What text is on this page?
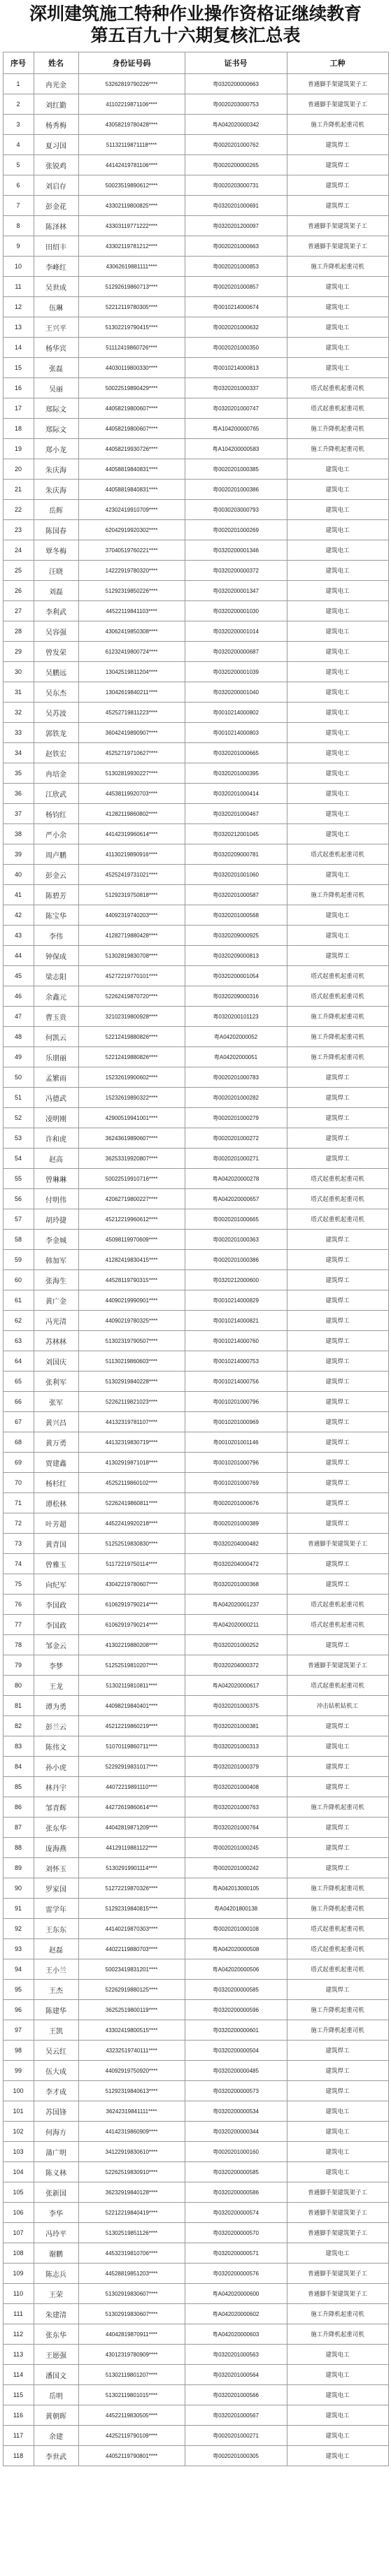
深圳建筑施工特种作业操作资格证继续教育
第五百九十六期复核汇总表
序号	姓名	身份证号码	证书号	工种
1	冉光金	53262819790226****	粤0320200000663	普通脚手架建筑架子工
2	刘红勤	41102219871106****	粤0020203000753	普通脚手架建筑架子工
3	杨秀梅	43058219780428****	粤A042020000342	施工升降机起重司机
4	夏习国	51132119871118****	粤0020201000762	建筑焊工
5	张锐鸡	44142419781106****	粤0020200000265	建筑焊工
6	刘启存	50023519890612****	粤0020203000731	建筑焊工
7	彭金花	43302119800825****	粤0320201000691	建筑焊工
8	陈泽林	43303119771222****	粤0320201200097	普通脚手架建筑架子工
9	田绍丰	43302119781212****	粤0020201000663	普通脚手架建筑架子工
10	李峰红	43062619881111****	粤0020201000853	施工升降机起重司机
11	吴世成	51292619860713****	粤0020201000857	建筑电工
12	伍琳	52212119780305****	粤0010214000674	建筑电工
13	王兴平	51302219790415****	粤0020201000632	建筑电工
14	杨华宾	51112419860726****	粤0020201000350	建筑电工
15	张磊	44030119800330****	粤0010214000813	建筑电工
16	吴丽	50022519890429****	粤0320201000337	塔式起重机起重司机
17	郑际文	44058219800607****	粤0320201000747	塔式起重机起重司机
18	郑际文	44058219800607****	粤A104200000765	施工升降机起重司机
19	郑小龙	44058219930726****	粤A104200000583	施工升降机起重司机
20	朱庆海	44058819840831****	粤0020201000385	建筑电工
21	朱庆海	44058819840831****	粤0020201000386	建筑电工
22	岳辉	42302419910709****	粤0030203000793	建筑电工
23	陈国春	62042919920302****	粤0020201000269	建筑电工
24	覃冬梅	37040519760221****	粤0320200001346	建筑电工
25	汪晓	14222919780320****	粤0320200000372	建筑电工
26	刘磊	51292319850226****	粤0320200001347	建筑电工
27	李利武	44522119841103****	粤0320200001030	建筑电工
28	吴容强	43062419850308****	粤0320200001014	建筑电工
29	曾发荣	61232419800724****	粤0320200000687	建筑电工
30	吴鹏远	13042519811204****	粤0320200001039	建筑电工
31	吴东杰	13042619840211****	粤0320200001040	建筑电工
32	吴苏波	45252719811223****	粤0010214000802	建筑电工
33	郭铁龙	36042419890907****	粤0010214000803	建筑电工
34	赵铁宏	45252719710627****	粤0320201000665	建筑电工
35	冉培金	51302819930227****	粤0320201000395	建筑电工
36	江欣武	44538119920703****	粤0320201000414	建筑电工
37	杨钧红	41282119860802****	粤0320201000467	建筑电工
38	严小余	44142319960614****	粤0320212001045	建筑电工
39	周卢鹏	41130219890916****	粤0320209000781	塔式起重机起重司机
40	彭金云	45252419731021****	粤0320201001060	建筑电工
41	陈碧芳	51292319750818****	粤0320201000587	施工升降机起重司机
42	陈宝华	44092319740203****	粤0320201000568	建筑电工
43	李伟	41282719880428****	粤0320209000925	建筑电工
44	钟保成	51302819830708****	粤0320209000813	建筑焊工
45	梁志阳	45272219770101****	粤0320200001054	塔式起重机起重司机
46	余鑫元	52262419870720****	粤0320209000316	塔式起重机起重司机
47	曹玉贵	32102319800928****	粤0320200101123	施工升降机起重司机
48	何凯云	52212419880826****	粤A04202000052	施工升降机起重司机
49	乐朋丽	52212419880826****	粤A04202000051	施工升降机起重司机
50	孟繁雨	15232619900602****	粤0020201000783	建筑焊工
51	冯德武	15232619890322****	粤0020201000282	建筑焊工
52	凌明刚	42900519941001****	粤0020201000279	建筑焊工
53	许和虎	36243619890607****	粤0020201000272	建筑焊工
54	赵高	36253319920807****	粤0020201000271	建筑焊工
55	曾琳琳	50022519910716****	粤A042020000278	塔式起重机起重司机
56	付明伟	42062719800227****	粤A042020000657	塔式起重机起重司机
57	胡玲捷	45212219960612****	粤0020201000665	塔式起重机起重司机
58	李金城	45098119970609****	粤0020201000363	建筑焊工
59	韩加军	41282419830415****	粤0020201000386	建筑焊工
60	张海生	44528119790315****	粤0320212000600	建筑焊工
61	黄广金	44090219990901****	粤0010214000829	建筑焊工
62	冯光清	44090219780325****	粤0010214000821	建筑焊工
63	苏林林	51302319790507****	粤0010214000760	建筑焊工
64	刘国庆	51130219860603****	粤0010214000753	建筑焊工
65	张利军	51302919840228****	粤0010214000756	建筑焊工
66	张军	52262119821023****	粤0010201000796	建筑焊工
67	黄兴昌	44132319781107****	粤0010201000969	建筑焊工
68	黄万勇	44132319830719****	粤0010201001146	建筑焊工
69	贾建鑫	41302919871018****	粤0010201000796	建筑焊工
70	杨杉红	45252119860102****	粤0010201000769	建筑焊工
71	谭松林	52262419860811****	粤0020201000676	建筑焊工
72	叶芳超	44522419920218****	粤0020201000389	建筑焊工
73	黄青国	51252519830830****	粤0320204000482	普通脚手架建筑架子工
74	曾雅玉	51172219750114****	粤0320204000472	建筑焊工
75	向纪军	43042219780607****	粤0320201000368	建筑焊工
76	李国政	61062919790214****	粤A042020001237	塔式起重机起重司机
77	李国政	61062919790214****	粤A042020000211	塔式起重机起重司机
78	邹金云	41302219880208****	粤0320201000252	建筑焊工
79	李梦	51252519810207****	粤0320204000372	普通脚手架建筑架子工
80	王龙	51302119810811****	粤A042020000617	塔式起重机起重司机
81	谭为勇	44098219840401****	粤0320201000375	冲击钻机钻机工
82	彭兰云	45212219860219****	粤0320201000381	建筑焊工
83	陈伟文	51070119860711****	粤0320201000313	建筑电工
84	孙小虎	52292919831017****	粤0320201000379	建筑焊工
85	林丹宇	44072219891110****	粤0320201000408	建筑焊工
86	邹青辉	44272619860614****	粤0320201000763	施工升降机起重司机
87	张东华	44042819871209****	粤0320201000764	建筑焊工
88	庞海燕	44129119881122****	粤0020201000245	建筑焊工
89	刘怀玉	51302919901114****	粤0020201000242	建筑焊工
90	罗家国	51272219870326****	粤A042013000105	施工升降机起重司机
91	雷学年	51292319840815****	粤A04201800138	施工升降机起重司机
92	王东东	44140219870303****	粤0020201000108	塔式起重机起重司机
93	赵磊	44022119880703****	粤A042020000508	塔式起重机起重司机
94	王小兰	50023419831201****	粤A042020000506	塔式起重机起重司机
95	王杰	52262919880125****	粤0320200000585	建筑焊工
96	陈建华	36252519800119****	粤0320200000596	施工升降机起重司机
97	王凯	43302419800515****	粤0320200000601	施工升降机起重司机
98	吴云红	43232519740111****	粤0320200000504	建筑焊工
99	伍大成	44092919750920****	粤0320200000485	建筑焊工
100	李才成	51292319840613****	粤0320200000573	建筑焊工
101	苏国锋	36242319841111****	粤0320200000534	建筑电工
102	何海方	44142319860909****	粤0320200000344	建筑电工
103	蒲广明	34122919830610****	粤0020201000160	建筑电工
104	陈义林	52262519830910****	粤0320200000585	建筑电工
105	张新国	36232919840128****	粤0320200000586	普通脚手架建筑架子工
106	李华	52212219840419****	粤0320200000574	普通脚手架建筑架子工
107	冯玲平	51302519851126****	粤0320200000570	普通脚手架建筑架子工
108	谢鹏	44532319810706****	粤0320200000571	建筑电工
109	陈志兵	44528819851203****	粤0320200000576	普通脚手架建筑架子工
110	王荣	51302919830607****	粤A042020000600	普通脚手架建筑架子工
111	朱建清	51302919830607****	粤A042020000602	施工升降机起重司机
112	张东华	44042819870911****	粤A042020000603	施工升降机起重司机
113	王愿强	43012319780909****	粤0320201000563	建筑电工
114	潘国文	51302119801207****	粤0320201000564	建筑电工
115	岳明	51302119801015****	粤0320201000566	建筑电工
116	黄朝晖	44522119830505****	粤0320201000567	建筑电工
117	余建	44252119790109****	粤0020201000271	建筑电工
118	李世武	44052119790801****	粤0020201000305	建筑电工
